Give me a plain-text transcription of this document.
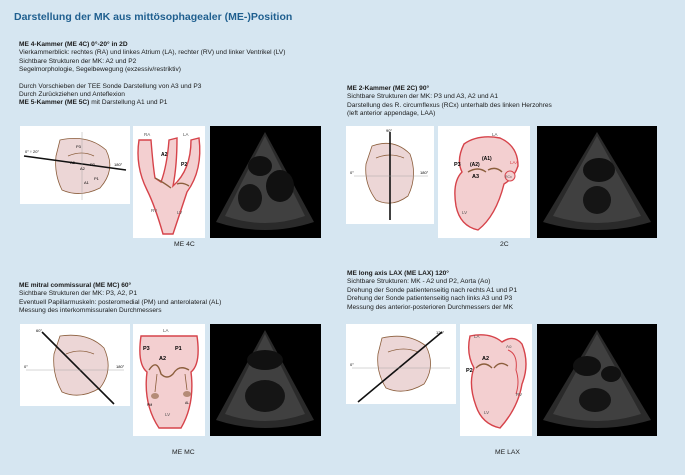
Darstellung der MK aus mittösophagealer (ME-)Position
ME 4-Kammer (ME 4C) 0°-20° in 2D
Vierkammerblick: rechtes (RA) und linkes Atrium (LA), rechter (RV) und linker Ventrikel (LV)
Sichtbare Strukturen der MK: A2 und P2
Segelmorphologie, Segelbewegung (exzessiv/restriktiv)
Durch Vorschieben der TEE Sonde Darstellung von A3 und P3
Durch Zurückziehen und Anteflexion
ME 5-Kammer (ME 5C) mit Darstellung A1 und P1
0° ↑ 20°
180°
P3
A3
A2
P2
A1
P1
RA	LA
A2
P2
RV	LV
ME 4C
ME 2-Kammer (ME 2C) 90°
Sichtbare Strukturen der MK: P3 und A3, A2 und A1
Darstellung des R. circumflexus (RCx) unterhalb des linken Herzohres
(left anterior appendage, LAA)
90°
0°	180°
LA
P3 (A2)
(A1)
A3
LAA
RCx
LV
2C
ME mitral commissural (ME MC) 60°
Sichtbare Strukturen der MK: P3, A2, P1
Eventuell Papillarmuskeln: posteromedial (PM) und anterolateral (AL)
Messung des interkommissuralen Durchmessers
60°
0°	180°
LA
P3
A2
P1
PM	AL
LV
ME MC
ME long axis LAX (ME LAX) 120°
Sichtbare Strukturen: MK - A2 und P2, Aorta (Ao)
Drehung der Sonde patientenseitig nach rechts A1 und P1
Drehung der Sonde patientenseitig nach links A3 und P3
Messung des anterior-posterioren Durchmessers der MK
120°
0°
LA
Ao
A2
P2
RV
LV
ME LAX
